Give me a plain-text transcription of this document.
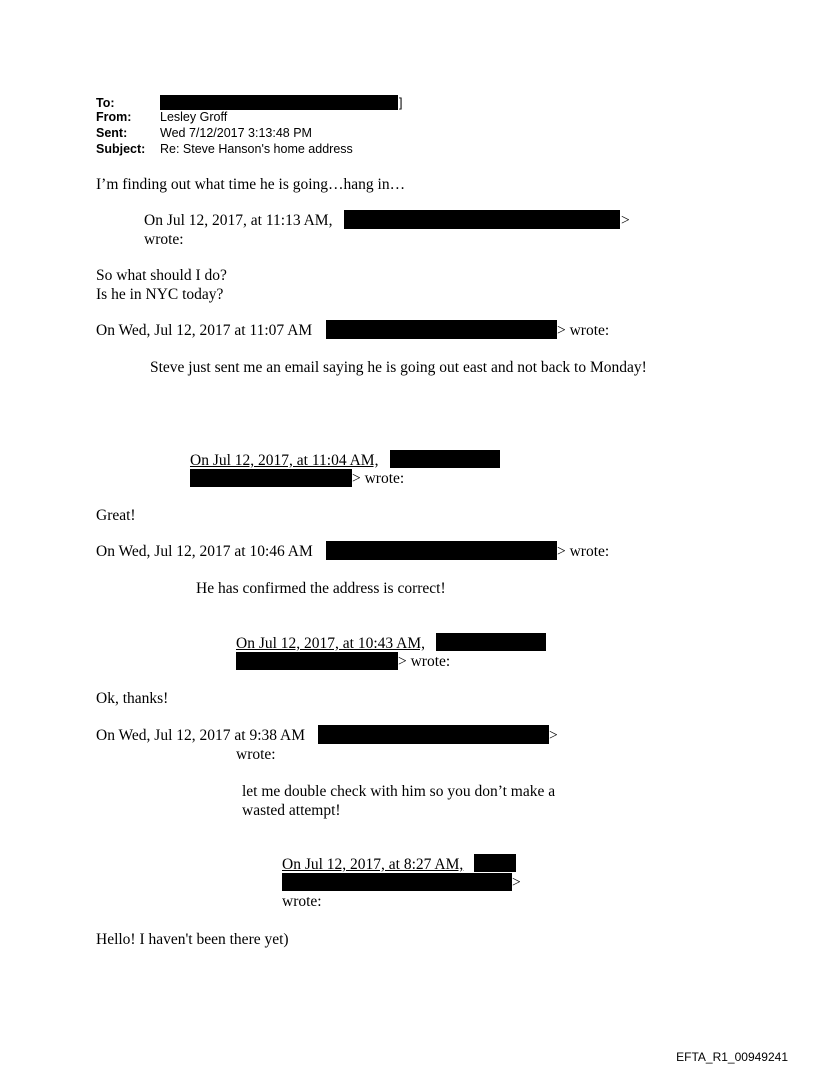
To:	]
From: Lesley Groff
Sent:	Wed 7/12/2017 3:13:48 PM
Subject: Re: Steve Hanson's home address
I’m finding out what time he is going…hang in…
On Jul 12, 2017, at 11:13 AM,	>
wrote:
So what should I do?
Is he in NYC today?
On Wed, Jul 12, 2017 at 11:07 AM	> wrote:
Steve just sent me an email saying he is going out east and not back to Monday!
On Jul 12, 2017, at 11:04 AM,
> wrote:
Great!
On Wed, Jul 12, 2017 at 10:46 AM	> wrote:
He has confirmed the address is correct!
On Jul 12, 2017, at 10:43 AM,
> wrote:
Ok, thanks!
On Wed, Jul 12, 2017 at 9:38 AM	>
wrote:
let me double check with him so you don’t make a
wasted attempt!
On Jul 12, 2017, at 8:27 AM,
>
wrote:
Hello! I haven't been there yet)
EFTA_R1_00949241
